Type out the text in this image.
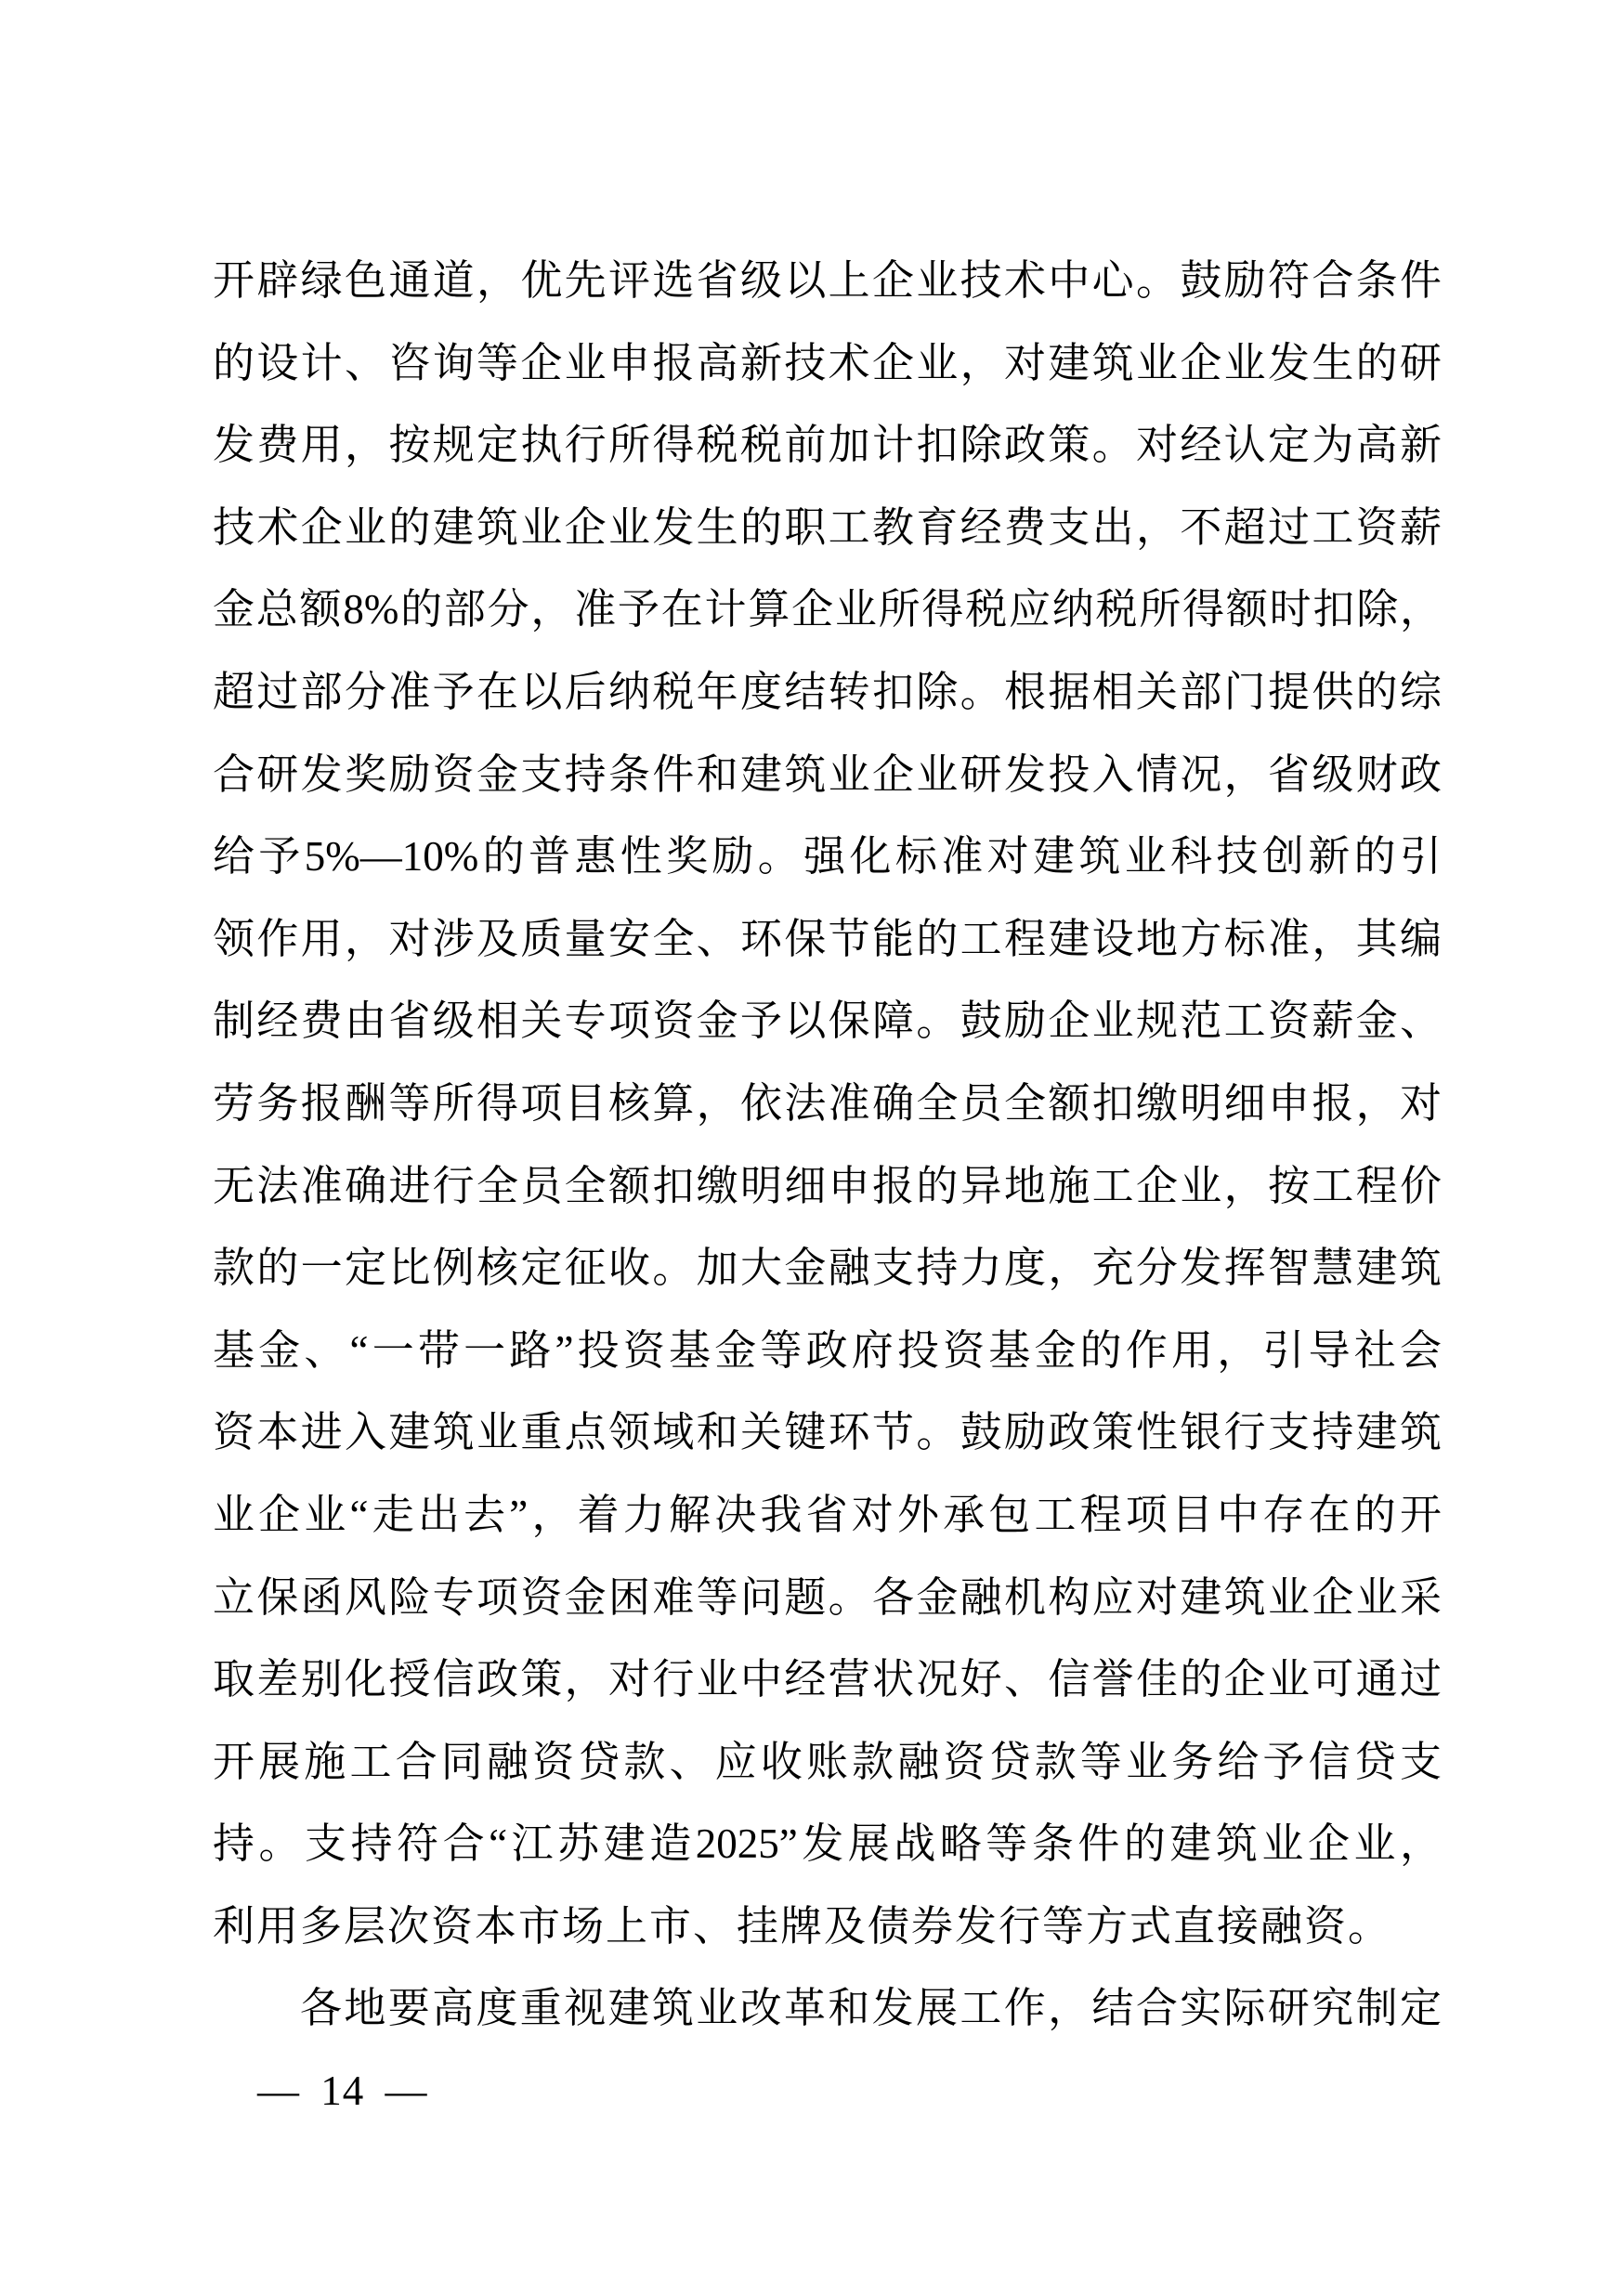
开辟绿色通道，优先评选省级以上企业技术中心。鼓励符合条件

的设计、咨询等企业申报高新技术企业，对建筑业企业发生的研

发费用，按规定执行所得税税前加计扣除政策。对经认定为高新

技术企业的建筑业企业发生的职工教育经费支出，不超过工资薪

金总额8%的部分，准予在计算企业所得税应纳税所得额时扣除，

超过部分准予在以后纳税年度结转扣除。根据相关部门提供的综

合研发奖励资金支持条件和建筑业企业研发投入情况，省级财政

给予5%—10%的普惠性奖励。强化标准对建筑业科技创新的引

领作用，对涉及质量安全、环保节能的工程建设地方标准，其编

制经费由省级相关专项资金予以保障。鼓励企业规范工资薪金、

劳务报酬等所得项目核算，依法准确全员全额扣缴明细申报，对

无法准确进行全员全额扣缴明细申报的异地施工企业，按工程价

款的一定比例核定征收。加大金融支持力度，充分发挥智慧建筑

基金、“一带一路”投资基金等政府投资基金的作用，引导社会

资本进入建筑业重点领域和关键环节。鼓励政策性银行支持建筑

业企业“走出去”，着力解决我省对外承包工程项目中存在的开

立保函风险专项资金困难等问题。各金融机构应对建筑业企业采

取差别化授信政策，对行业中经营状况好、信誉佳的企业可通过

开展施工合同融资贷款、应收账款融资贷款等业务给予信贷支

持。支持符合“江苏建造2025”发展战略等条件的建筑业企业，

利用多层次资本市场上市、挂牌及债券发行等方式直接融资。

各地要高度重视建筑业改革和发展工作，结合实际研究制定

— 14 —
